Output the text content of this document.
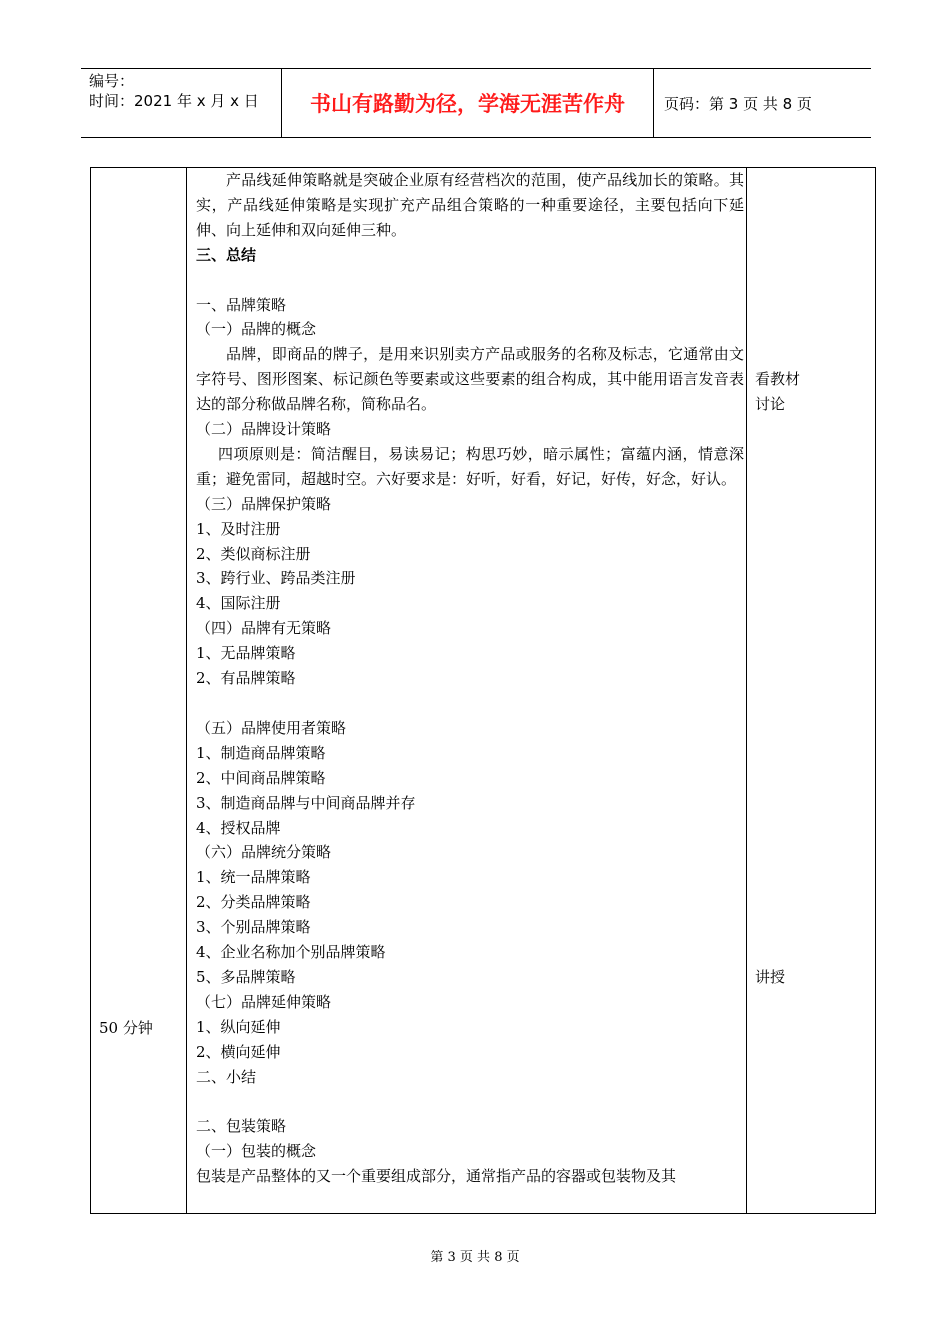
编号：
时间：2021 年 x 月 x 日	书山有路勤为径，学海无涯苦作舟	页码：第 3 页 共 8 页
50 分钟
看教材
讨论
讲授

产品线延伸策略就是突破企业原有经营档次的范围，使产品线加长的策略。其实，产品线延伸策略是实现扩充产品组合策略的一种重要途径，主要包括向下延伸、向上延伸和双向延伸三种。

三、总结

一、品牌策略

（一）品牌的概念

品牌，即商品的牌子，是用来识别卖方产品或服务的名称及标志，它通常由文字符号、图形图案、标记颜色等要素或这些要素的组合构成，其中能用语言发音表达的部分称做品牌名称，简称品名。

（二）品牌设计策略

四项原则是：简洁醒目，易读易记；构思巧妙，暗示属性；富蕴内涵，情意深重；避免雷同，超越时空。六好要求是：好听，好看，好记，好传，好念，好认。

（三）品牌保护策略

1、及时注册

2、类似商标注册

3、跨行业、跨品类注册

4、国际注册

（四）品牌有无策略

1、无品牌策略

2、有品牌策略

（五）品牌使用者策略

1、制造商品牌策略

2、中间商品牌策略

3、制造商品牌与中间商品牌并存

4、授权品牌

（六）品牌统分策略

1、统一品牌策略

2、分类品牌策略

3、个别品牌策略

4、企业名称加个别品牌策略

5、多品牌策略

（七）品牌延伸策略

1、纵向延伸

2、横向延伸

二、小结

二、包装策略

（一）包装的概念

包装是产品整体的又一个重要组成部分，通常指产品的容器或包装物及其

第 3 页 共 8 页
